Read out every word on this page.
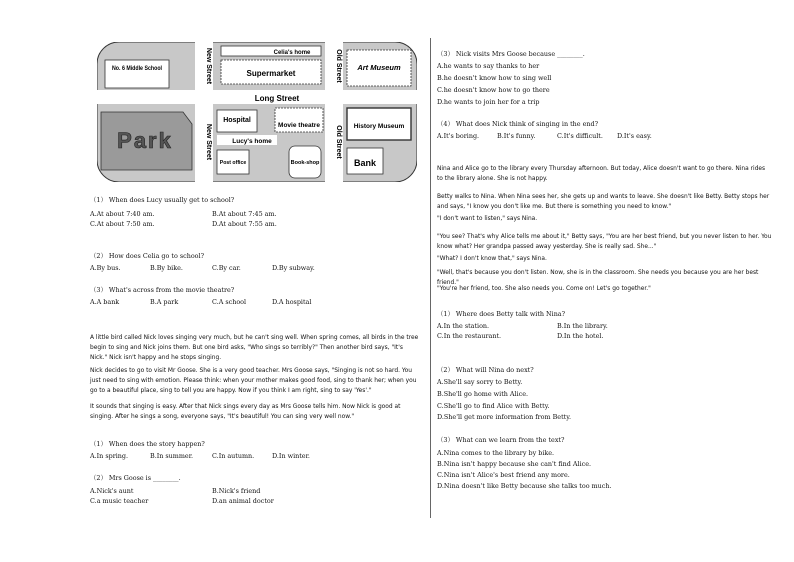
No. 6 Middle School
Supermarket
Celia's home
Art Museum
Park
Hospital
Movie theatre
Lucy's home
Post office	Book-shop
History Museum
Bank
Long Street
New Street
New Street
Old Street
Old Street
（1） When does Lucy usually get to school?
A.At about 7:40 am.	B.At about 7:45 am.
C.At about 7:50 am.	D.At about 7:55 am.
（2） How does Celia go to school?
A.By bus.	B.By bike.	C.By car.	D.By subway.
（3） What's across from the movie theatre?
A.A bank	B.A park	C.A school	D.A hospital
A little bird called Nick loves singing very much, but he can't sing well. When spring comes, all birds in the tree begin to sing and Nick joins them. But one bird asks, "Who sings so terribly?" Then another bird says, "It's Nick." Nick isn't happy and he stops singing.
Nick decides to go to visit Mr Goose. She is a very good teacher. Mrs Goose says, "Singing is not so hard. You just need to sing with emotion. Please think: when your mother makes good food, sing to thank her; when you go to a beautiful place, sing to tell you are happy. Now if you think I am right, sing to say 'Yes'."
It sounds that singing is easy. After that Nick sings every day as Mrs Goose tells him. Now Nick is good at singing. After he sings a song, everyone says, "It's beautiful! You can sing very well now."
（1） When does the story happen?
A.In spring.	B.In summer.	C.In autumn.	D.In winter.
（2） Mrs Goose is ________.
A.Nick's aunt	B.Nick's friend
C.a music teacher	D.an animal doctor
（3） Nick visits Mrs Goose because ________.
A.he wants to say thanks to her
B.he doesn't know how to sing well
C.he doesn't know how to go there
D.he wants to join her for a trip
（4） What does Nick think of singing in the end?
A.It's boring.	B.It's funny.	C.It's difficult. D.It's easy.
Nina and Alice go to the library every Thursday afternoon. But today, Alice doesn't want to go there. Nina rides to the library alone. She is not happy.
Betty walks to Nina. When Nina sees her, she gets up and wants to leave. She doesn't like Betty. Betty stops her and says, "I know you don't like me. But there is something you need to know."
"I don't want to listen," says Nina.
"You see? That's why Alice tells me about it," Betty says, "You are her best friend, but you never listen to her. You know what? Her grandpa passed away yesterday. She is really sad. She..."
"What? I don't know that," says Nina.
"Well, that's because you don't listen. Now, she is in the classroom. She needs you because you are her best friend."
"You're her friend, too. She also needs you. Come on! Let's go together."
（1） Where does Betty talk with Nina?
A.In the station.	B.In the library.
C.In the restaurant.	D.In the hotel.
（2） What will Nina do next?
A.She'll say sorry to Betty.
B.She'll go home with Alice.
C.She'll go to find Alice with Betty.
D.She'll get more information from Betty.
（3） What can we learn from the text?
A.Nina comes to the library by bike.
B.Nina isn't happy because she can't find Alice.
C.Nina isn't Alice's best friend any more.
D.Nina doesn't like Betty because she talks too much.
